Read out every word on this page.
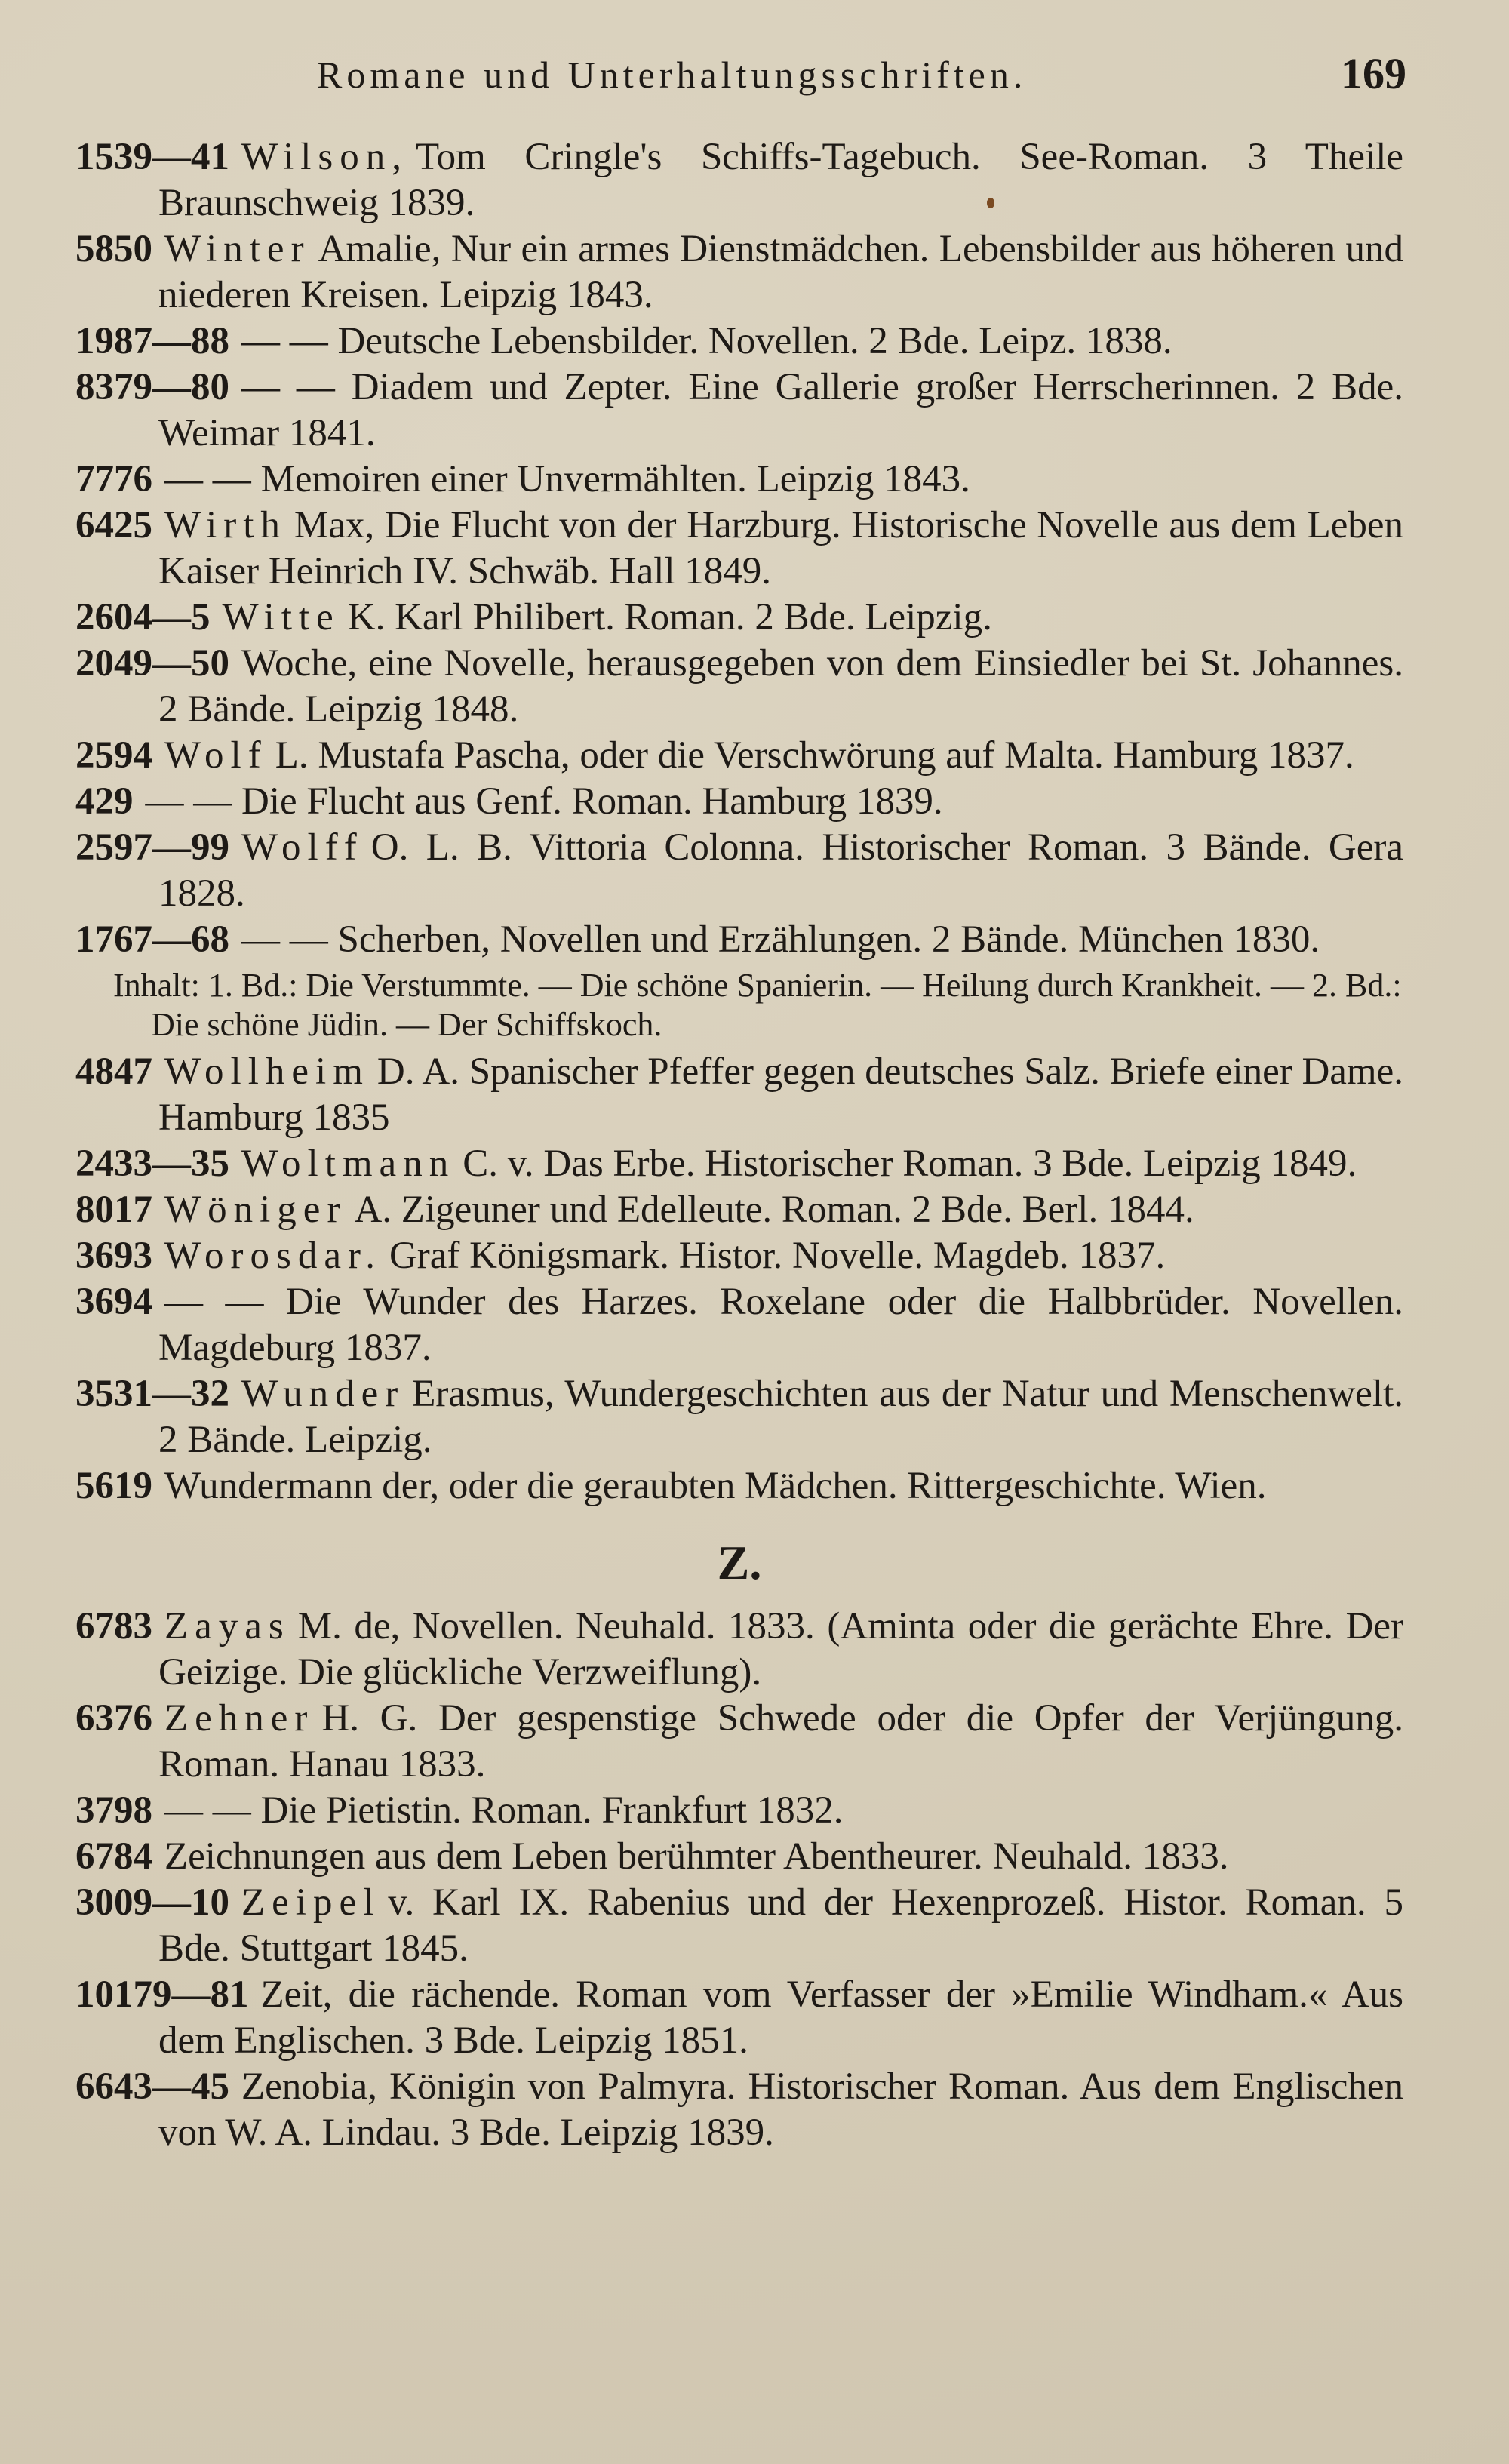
Romane und Unterhaltungsschriften.	169
1539—41 Wilson, Tom Cringle's Schiffs-Tagebuch. See-Roman. 3 Theile Braunschweig 1839.
5850 Winter Amalie, Nur ein armes Dienstmädchen. Lebensbilder aus höheren und niederen Kreisen. Leipzig 1843.
1987—88 — — Deutsche Lebensbilder. Novellen. 2 Bde. Leipz. 1838.
8379—80 — — Diadem und Zepter. Eine Gallerie großer Herrscherinnen. 2 Bde. Weimar 1841.
7776 — — Memoiren einer Unvermählten. Leipzig 1843.
6425 Wirth Max, Die Flucht von der Harzburg. Historische Novelle aus dem Leben Kaiser Heinrich IV. Schwäb. Hall 1849.
2604—5 Witte K. Karl Philibert. Roman. 2 Bde. Leipzig.
2049—50 Woche, eine Novelle, herausgegeben von dem Einsiedler bei St. Johannes. 2 Bände. Leipzig 1848.
2594 Wolf L. Mustafa Pascha, oder die Verschwörung auf Malta. Hamburg 1837.
429 — — Die Flucht aus Genf. Roman. Hamburg 1839.
2597—99 Wolff O. L. B. Vittoria Colonna. Historischer Roman. 3 Bände. Gera 1828.
1767—68 — — Scherben, Novellen und Erzählungen. 2 Bände. München 1830.
Inhalt: 1. Bd.: Die Verstummte. — Die schöne Spanierin. — Heilung durch Krankheit. — 2. Bd.: Die schöne Jüdin. — Der Schiffskoch.
4847 Wollheim D. A. Spanischer Pfeffer gegen deutsches Salz. Briefe einer Dame. Hamburg 1835
2433—35 Woltmann C. v. Das Erbe. Historischer Roman. 3 Bde. Leipzig 1849.
8017 Wöniger A. Zigeuner und Edelleute. Roman. 2 Bde. Berl. 1844.
3693 Worosdar. Graf Königsmark. Histor. Novelle. Magdeb. 1837.
3694 — — Die Wunder des Harzes. Roxelane oder die Halbbrüder. Novellen. Magdeburg 1837.
3531—32 Wunder Erasmus, Wundergeschichten aus der Natur und Menschenwelt. 2 Bände. Leipzig.
5619 Wundermann der, oder die geraubten Mädchen. Rittergeschichte. Wien.
Z.
6783 Zayas M. de, Novellen. Neuhald. 1833. (Aminta oder die gerächte Ehre. Der Geizige. Die glückliche Verzweiflung).
6376 Zehner H. G. Der gespenstige Schwede oder die Opfer der Verjüngung. Roman. Hanau 1833.
3798 — — Die Pietistin. Roman. Frankfurt 1832.
6784 Zeichnungen aus dem Leben berühmter Abentheurer. Neuhald. 1833.
3009—10 Zeipel v. Karl IX. Rabenius und der Hexenprozeß. Histor. Roman. 5 Bde. Stuttgart 1845.
10179—81 Zeit, die rächende. Roman vom Verfasser der »Emilie Windham.« Aus dem Englischen. 3 Bde. Leipzig 1851.
6643—45 Zenobia, Königin von Palmyra. Historischer Roman. Aus dem Englischen von W. A. Lindau. 3 Bde. Leipzig 1839.
